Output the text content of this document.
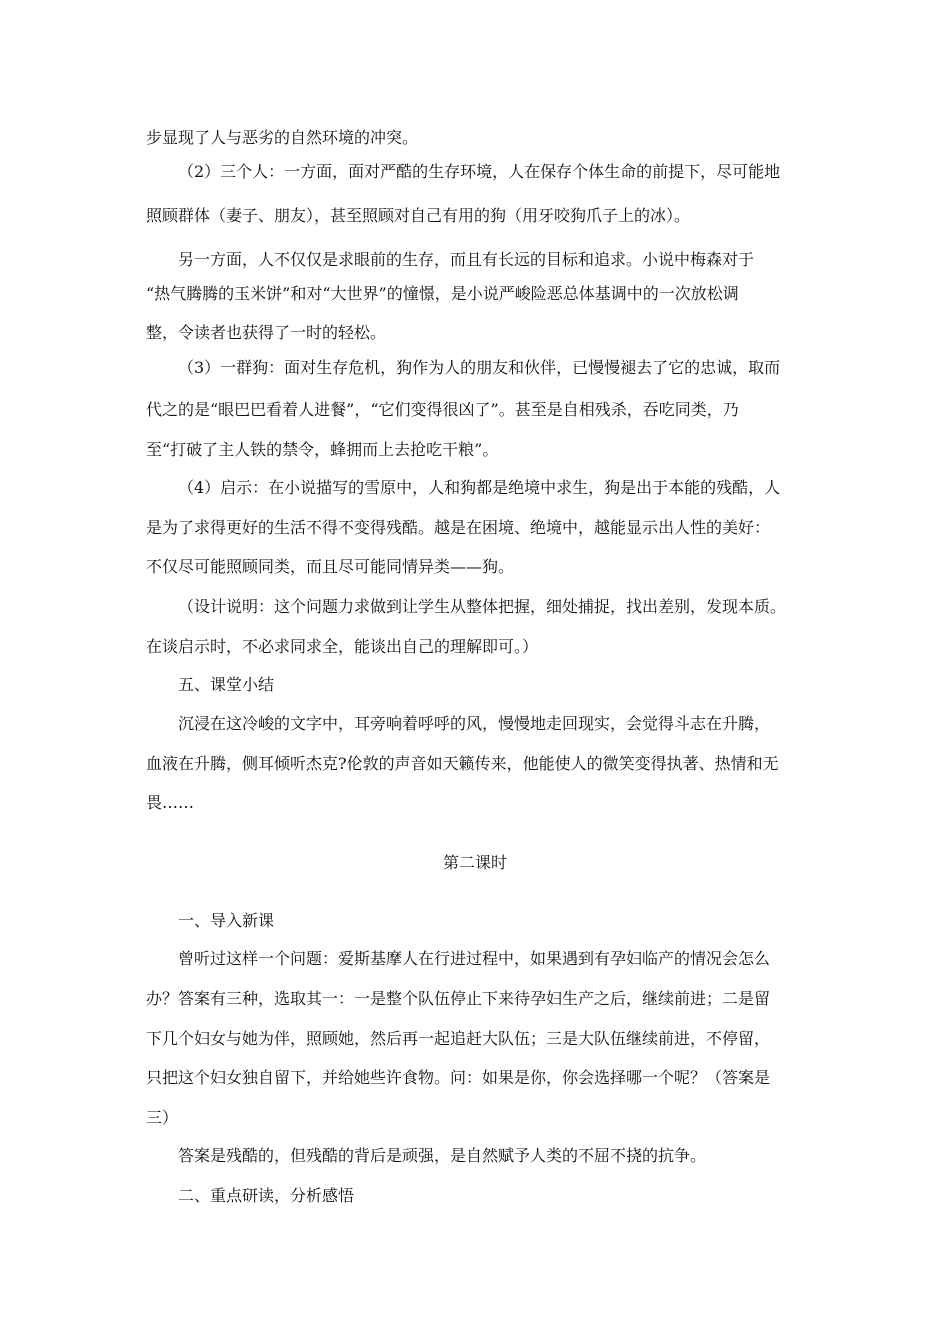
步显现了人与恶劣的自然环境的冲突。
（2）三个人：一方面，面对严酷的生存环境，人在保存个体生命的前提下，尽可能地
照顾群体（妻子、朋友），甚至照顾对自己有用的狗（用牙咬狗爪子上的冰）。
另一方面，人不仅仅是求眼前的生存，而且有长远的目标和追求。小说中梅森对于
“热气腾腾的玉米饼”和对“大世界”的憧憬，是小说严峻险恶总体基调中的一次放松调
整，令读者也获得了一时的轻松。
（3）一群狗：面对生存危机，狗作为人的朋友和伙伴，已慢慢褪去了它的忠诚，取而
代之的是“眼巴巴看着人进餐”，“它们变得很凶了”。甚至是自相残杀，吞吃同类，乃
至“打破了主人铁的禁令，蜂拥而上去抢吃干粮”。
（4）启示：在小说描写的雪原中，人和狗都是绝境中求生，狗是出于本能的残酷，人
是为了求得更好的生活不得不变得残酷。越是在困境、绝境中，越能显示出人性的美好：
不仅尽可能照顾同类，而且尽可能同情异类——狗。
（设计说明：这个问题力求做到让学生从整体把握，细处捕捉，找出差别，发现本质。
在谈启示时，不必求同求全，能谈出自己的理解即可。）
五、课堂小结
沉浸在这冷峻的文字中，耳旁响着呼呼的风，慢慢地走回现实，会觉得斗志在升腾，
血液在升腾，侧耳倾听杰克?伦敦的声音如天籁传来，他能使人的微笑变得执著、热情和无
畏……
第二课时
一、导入新课
曾听过这样一个问题：爱斯基摩人在行进过程中，如果遇到有孕妇临产的情况会怎么
办？答案有三种，选取其一：一是整个队伍停止下来待孕妇生产之后，继续前进；二是留
下几个妇女与她为伴，照顾她，然后再一起追赶大队伍；三是大队伍继续前进，不停留，
只把这个妇女独自留下，并给她些许食物。问：如果是你，你会选择哪一个呢？（答案是
三）
答案是残酷的，但残酷的背后是顽强，是自然赋予人类的不屈不挠的抗争。
二、重点研读，分析感悟
